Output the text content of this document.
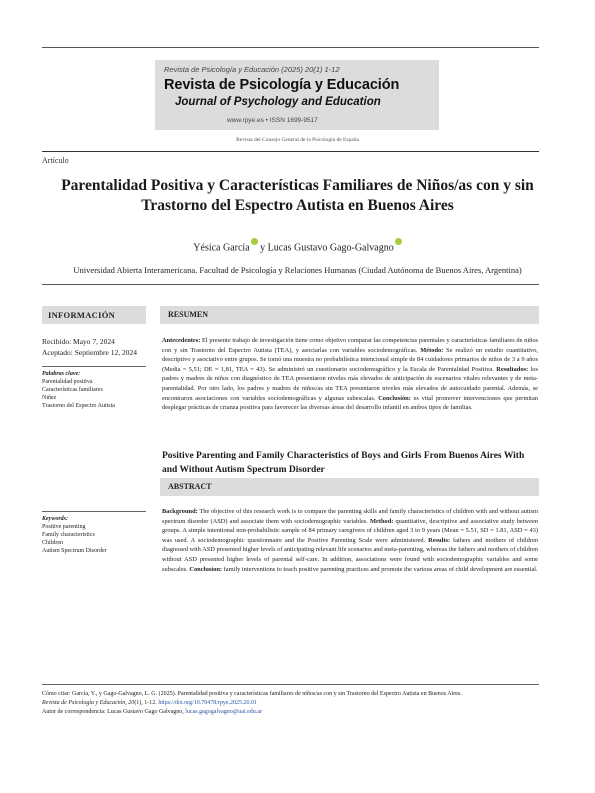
Revista de Psicología y Educación (2025) 20(1) 1-12
Revista de Psicología y Educación
Journal of Psychology and Education
www.rpye.es • ISSN 1699-9517
Revista del Consejo General de la Psicología de España
Artículo
Parentalidad Positiva y Características Familiares de Niños/as con y sin Trastorno del Espectro Autista en Buenos Aires
Yésica García y Lucas Gustavo Gago-Galvagno
Universidad Abierta Interamericana. Facultad de Psicología y Relaciones Humanas (Ciudad Autónoma de Buenos Aires, Argentina)
INFORMACIÓN
Recibido: Mayo 7, 2024
Aceptado: Septiembre 12, 2024
Palabras clave:
Parentalidad positiva
Características familiares
Niñez
Trastorno del Espectro Autista
Keywords:
Positive parenting
Family characteristics
Children
Autism Spectrum Disorder
RESUMEN
Antecedentes: El presente trabajo de investigación tiene como objetivo comparar las competencias parentales y características familiares de niños con y sin Trastorno del Espectro Autista (TEA), y asociarlas con variables sociodemográficas. Método: Se realizó un estudio cuantitativo, descriptivo y asociativo entre grupos. Se tomó una muestra no probabilística intencional simple de 84 cuidadores primarios de niños de 3 a 9 años (Media = 5,51; DE = 1,81, TEA = 43). Se administró un cuestionario sociodemográfico y la Escala de Parentalidad Positiva. Resultados: los padres y madres de niños con diagnóstico de TEA presentaron niveles más elevados de anticipación de escenarios vitales relevantes y de meta-parentalidad. Por otro lado, los padres y madres de niños/as sin TEA presentaron niveles más elevados de autocuidado parental. Además, se encontraron asociaciones con variables sociodemográficas y algunas subescalas. Conclusión: es vital promover intervenciones que permitan desplegar prácticas de crianza positiva para favorecer las diversas áreas del desarrollo infantil en ambos tipos de familias.
Positive Parenting and Family Characteristics of Boys and Girls From Buenos Aires With and Without Autism Spectrum Disorder
ABSTRACT
Background: The objective of this research work is to compare the parenting skills and family characteristics of children with and without autism spectrum disorder (ASD) and associate them with sociodemographic variables. Method: quantitative, descriptive and associative study between groups. A simple intentional non-probabilistic sample of 84 primary caregivers of children aged 3 to 9 years (Mean = 5.51, SD = 1.81, ASD = 43) was used. A sociodemographic questionnaire and the Positive Parenting Scale were administered. Results: fathers and mothers of children diagnosed with ASD presented higher levels of anticipating relevant life scenarios and meta-parenting, whereas the fathers and mothers of children without ASD presented higher levels of parental self-care. In addition, associations were found with sociodemographic variables and some subscales. Conclusion: family interventions to teach positive parenting practices and promote the various areas of child development are essential.
Cómo citar: García, Y., y Gago-Galvagno, L. G. (2025). Parentalidad positiva y características familiares de niños/as con y sin Trastorno del Espectro Autista en Buenos Aires.
Revista de Psicología y Educación, 20(1), 1-12. https://doi.org/10.70478/rpye.2025.20.01
Autor de correspondencia: Lucas Gustavo Gago Galvagno, lucas.gagogalvagno@uai.edu.ar
